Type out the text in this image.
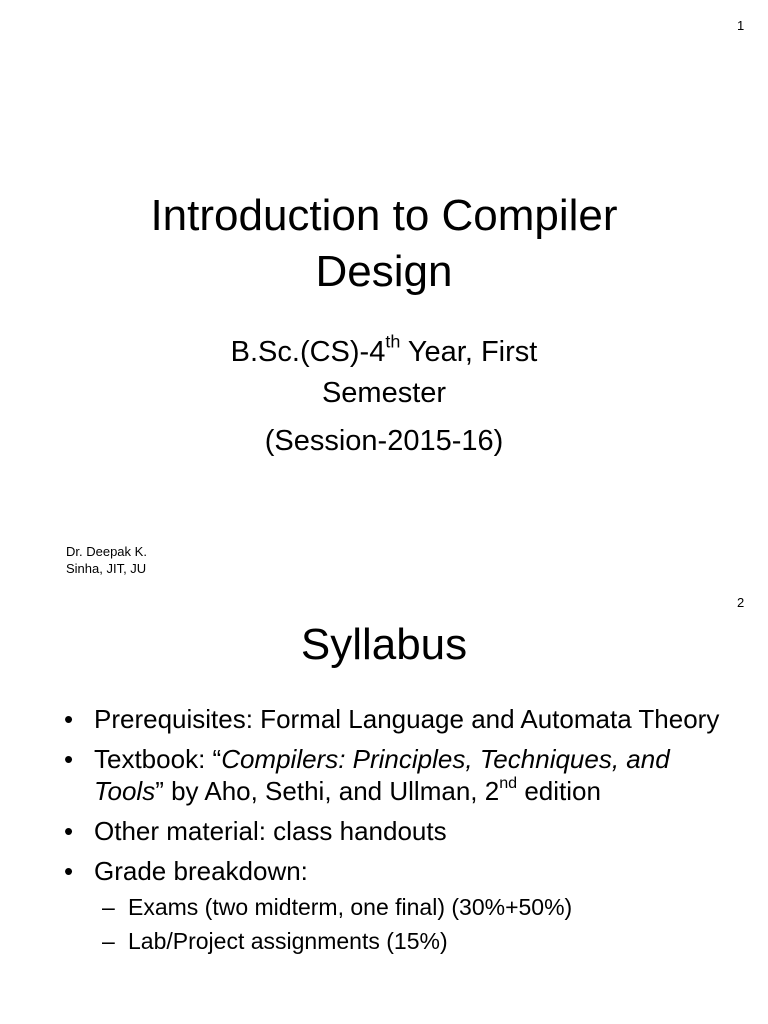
1
Introduction to Compiler
Design
B.Sc.(CS)-4th Year, First
Semester
(Session-2015-16)
Dr. Deepak K.
Sinha, JIT, JU
2
Syllabus
• Prerequisites: Formal Language and Automata Theory
• Textbook: “Compilers: Principles, Techniques, and Tools” by Aho, Sethi, and Ullman, 2nd edition
• Other material: class handouts
• Grade breakdown:
– Exams (two midterm, one final) (30%+50%)
– Lab/Project assignments (15%)
